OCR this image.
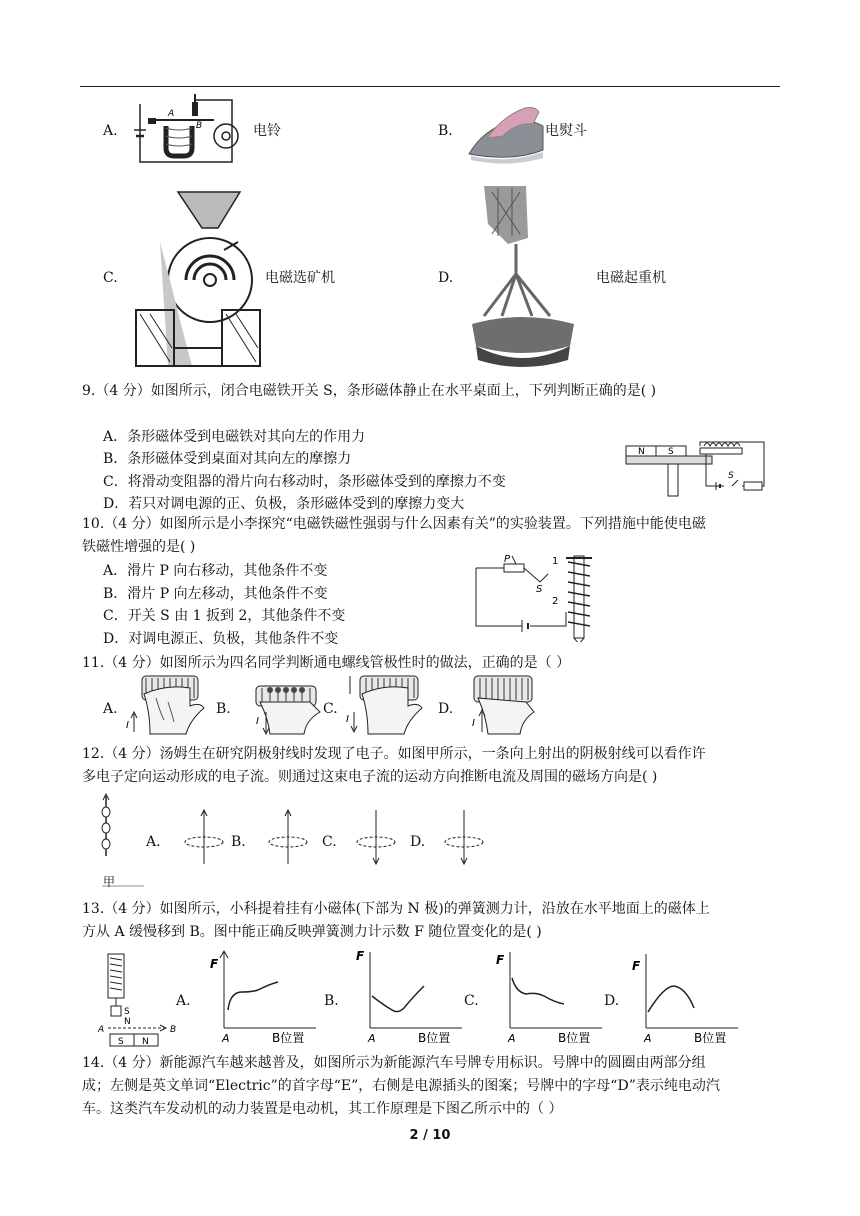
A.
A
B	电铃	B.	电熨斗
C.	电磁选矿机	D.	电磁起重机
9.（4 分）如图所示，闭合电磁铁开关 S，条形磁体静止在水平桌面上，下列判断正确的是( )
A．条形磁体受到电磁铁对其向左的作用力
B．条形磁体受到桌面对其向左的摩擦力
C．将滑动变阻器的滑片向右移动时，条形磁体受到的摩擦力不变
D．若只对调电源的正、负极，条形磁体受到的摩擦力变大
N	S
S
10.（4 分）如图所示是小李探究“电磁铁磁性强弱与什么因素有关”的实验装置。下列措施中能使电磁
铁磁性增强的是( )
A．滑片 P 向右移动，其他条件不变
B．滑片 P 向左移动，其他条件不变
C．开关 S 由 1 扳到 2，其他条件不变
D．对调电源正、负极，其他条件不变
P	1
2
S
11.（4 分）如图所示为四名同学判断通电螺线管极性时的做法，正确的是（ ）
A.	B.	C.	D.
I	I	I	I
12.（4 分）汤姆生在研究阴极射线时发现了电子。如图甲所示，一条向上射出的阴极射线可以看作许
多电子定向运动形成的电子流。则通过这束电子流的运动方向推断电流及周围的磁场方向是( )
甲
A.	B.	C.	D.
13.（4 分）如图所示，小科提着挂有小磁体(下部为 N 极)的弹簧测力计，沿放在水平地面上的磁体上
方从 A 缓慢移到 B。图中能正确反映弹簧测力计示数 F 随位置变化的是( )
S
N
A	B
S N
A.	B.	C.	D.
F
A	B位置
F
A	B位置
F
A	B位置
F
A	B位置
14.（4 分）新能源汽车越来越普及，如图所示为新能源汽车号牌专用标识。号牌中的圆圈由两部分组
成；左侧是英文单词“Electric”的首字母“E”，右侧是电源插头的图案；号牌中的字母“D”表示纯电动汽
车。这类汽车发动机的动力装置是电动机，其工作原理是下图乙所示中的（ ）
2 / 10
